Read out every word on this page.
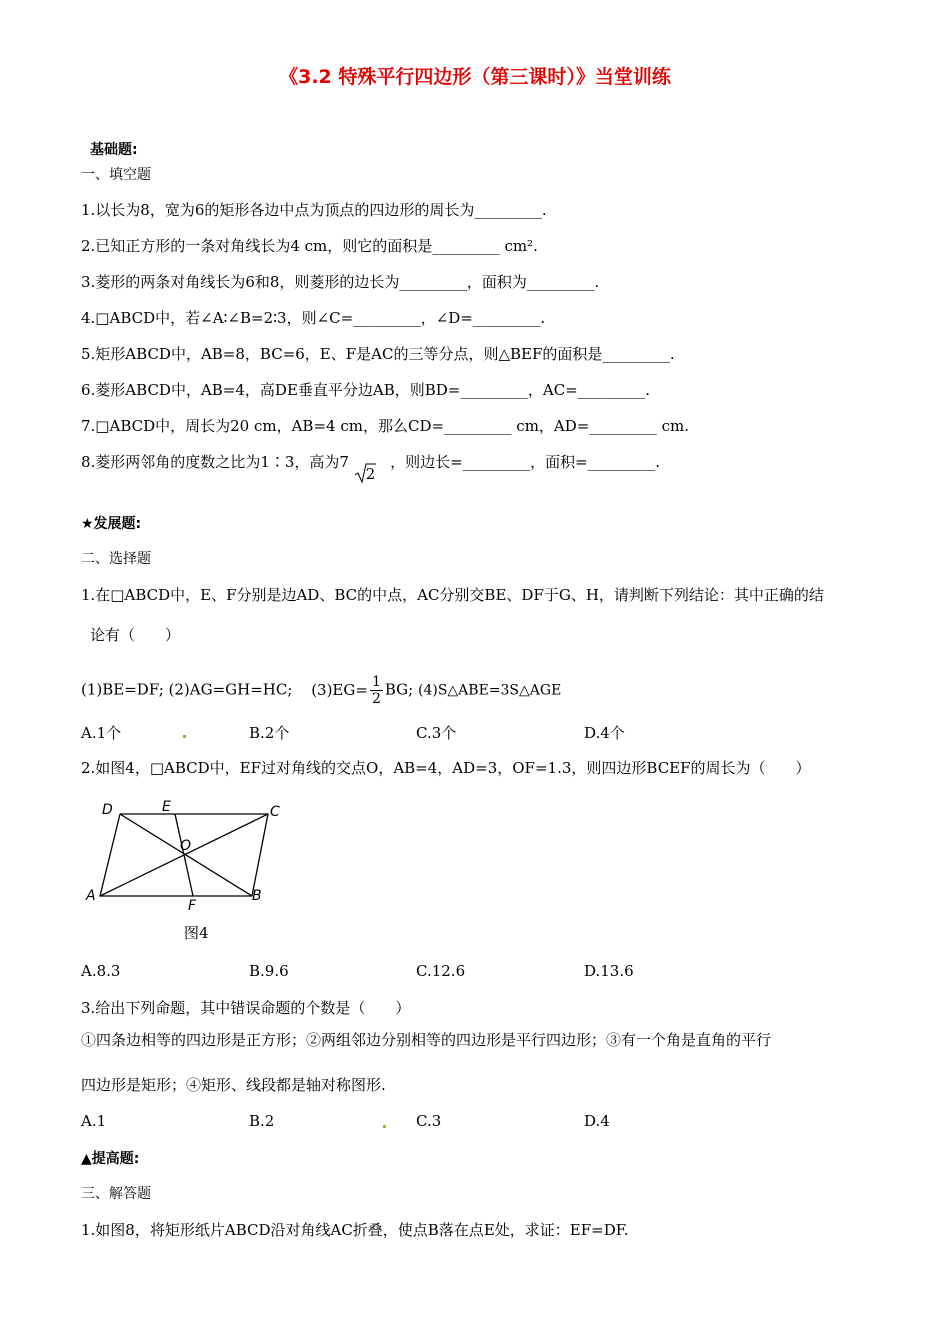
《3.2 特殊平行四边形（第三课时）》当堂训练
基础题:
一、填空题
1.以长为8，宽为6的矩形各边中点为顶点的四边形的周长为_________.
2.已知正方形的一条对角线长为4 cm，则它的面积是_________ cm².
3.菱形的两条对角线长为6和8，则菱形的边长为_________，面积为_________.
4.□ABCD中，若∠A∶∠B=2∶3，则∠C=_________，∠D=_________.
5.矩形ABCD中，AB=8，BC=6，E、F是AC的三等分点，则△BEF的面积是_________.
6.菱形ABCD中，AB=4，高DE垂直平分边AB，则BD=_________，AC=_________.
7.□ABCD中，周长为20 cm，AB=4 cm，那么CD=_________ cm，AD=_________ cm.
8.菱形两邻角的度数之比为1∶3，高为7 2 ，则边长=_________，面积=_________.
★发展题:
二、选择题
1.在□ABCD中，E、F分别是边AD、BC的中点，AC分别交BE、DF于G、H，请判断下列结论：其中正确的结
论有（　　）
(1)BE=DF; (2)AG=GH=HC; $(3)EG= \frac{1}{2}$ BG; (4)S△ABE=3S△AGE
A.1个	B.2个	C.3个	D.4个
2.如图4，□ABCD中，EF过对角线的交点O，AB=4，AD=3，OF=1.3，则四边形BCEF的周长为（　　）
D	E	C
O
A
F
B
图4
A.8.3	B.9.6	C.12.6	D.13.6
3.给出下列命题，其中错误命题的个数是（　　）
①四条边相等的四边形是正方形；②两组邻边分别相等的四边形是平行四边形；③有一个角是直角的平行
四边形是矩形；④矩形、线段都是轴对称图形.
A.1	B.2	C.3	D.4
▲提高题:
三、解答题
1.如图8，将矩形纸片ABCD沿对角线AC折叠，使点B落在点E处，求证：EF=DF.
